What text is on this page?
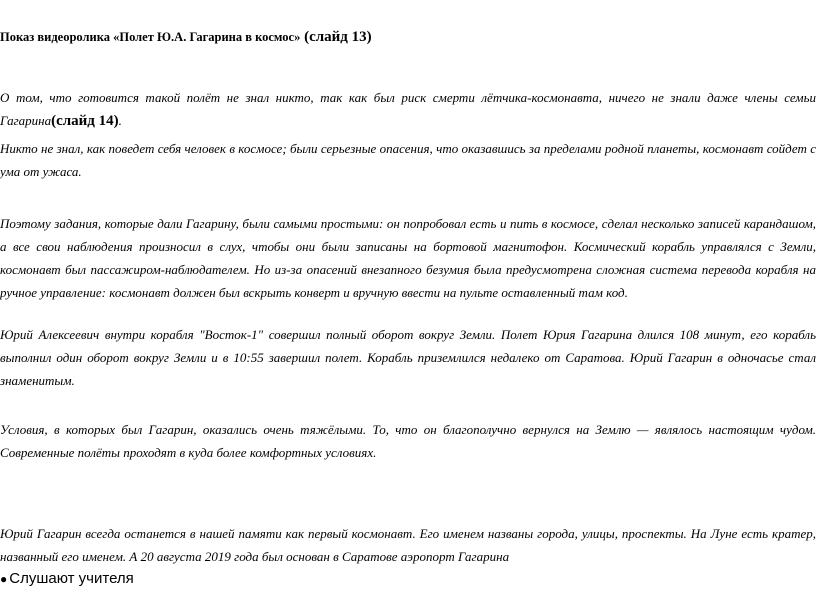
Показ видеоролика «Полет Ю.А. Гагарина в космос» (слайд 13)

О том, что готовится такой полёт не знал никто, так как был риск смерти лётчика-космонавта, ничего не знали даже члены семьи Гагарина(слайд 14).

Никто не знал, как поведет себя человек в космосе; были серьезные опасения, что оказавшись за пределами родной планеты, космонавт сойдет с ума от ужаса.

Поэтому задания, которые дали Гагарину, были самыми простыми: он попробовал есть и пить в космосе, сделал несколько записей карандашом, а все свои наблюдения произносил в слух, чтобы они были записаны на бортовой магнитофон. Космический корабль управлялся с Земли, космонавт был пассажиром-наблюдателем. Но из-за опасений внезапного безумия была предусмотрена сложная система перевода корабля на ручное управление: космонавт должен был вскрыть конверт и вручную ввести на пульте оставленный там код.

Юрий Алексеевич внутри корабля "Восток-1" совершил полный оборот вокруг Земли. Полет Юрия Гагарина длился 108 минут, его корабль выполнил один оборот вокруг Земли и в 10:55 завершил полет. Корабль приземлился недалеко от Саратова. Юрий Гагарин в одночасье стал знаменитым.

Условия, в которых был Гагарин, оказались очень тяжёлыми. То, что он благополучно вернулся на Землю — являлось настоящим чудом. Современные полёты проходят в куда более комфортных условиях.

Юрий Гагарин всегда останется в нашей памяти как первый космонавт. Его именем названы города, улицы, проспекты. На Луне есть кратер, названный его именем. А 20 августа 2019 года был основан в Саратове аэропорт Гагарина

● Слушают учителя
